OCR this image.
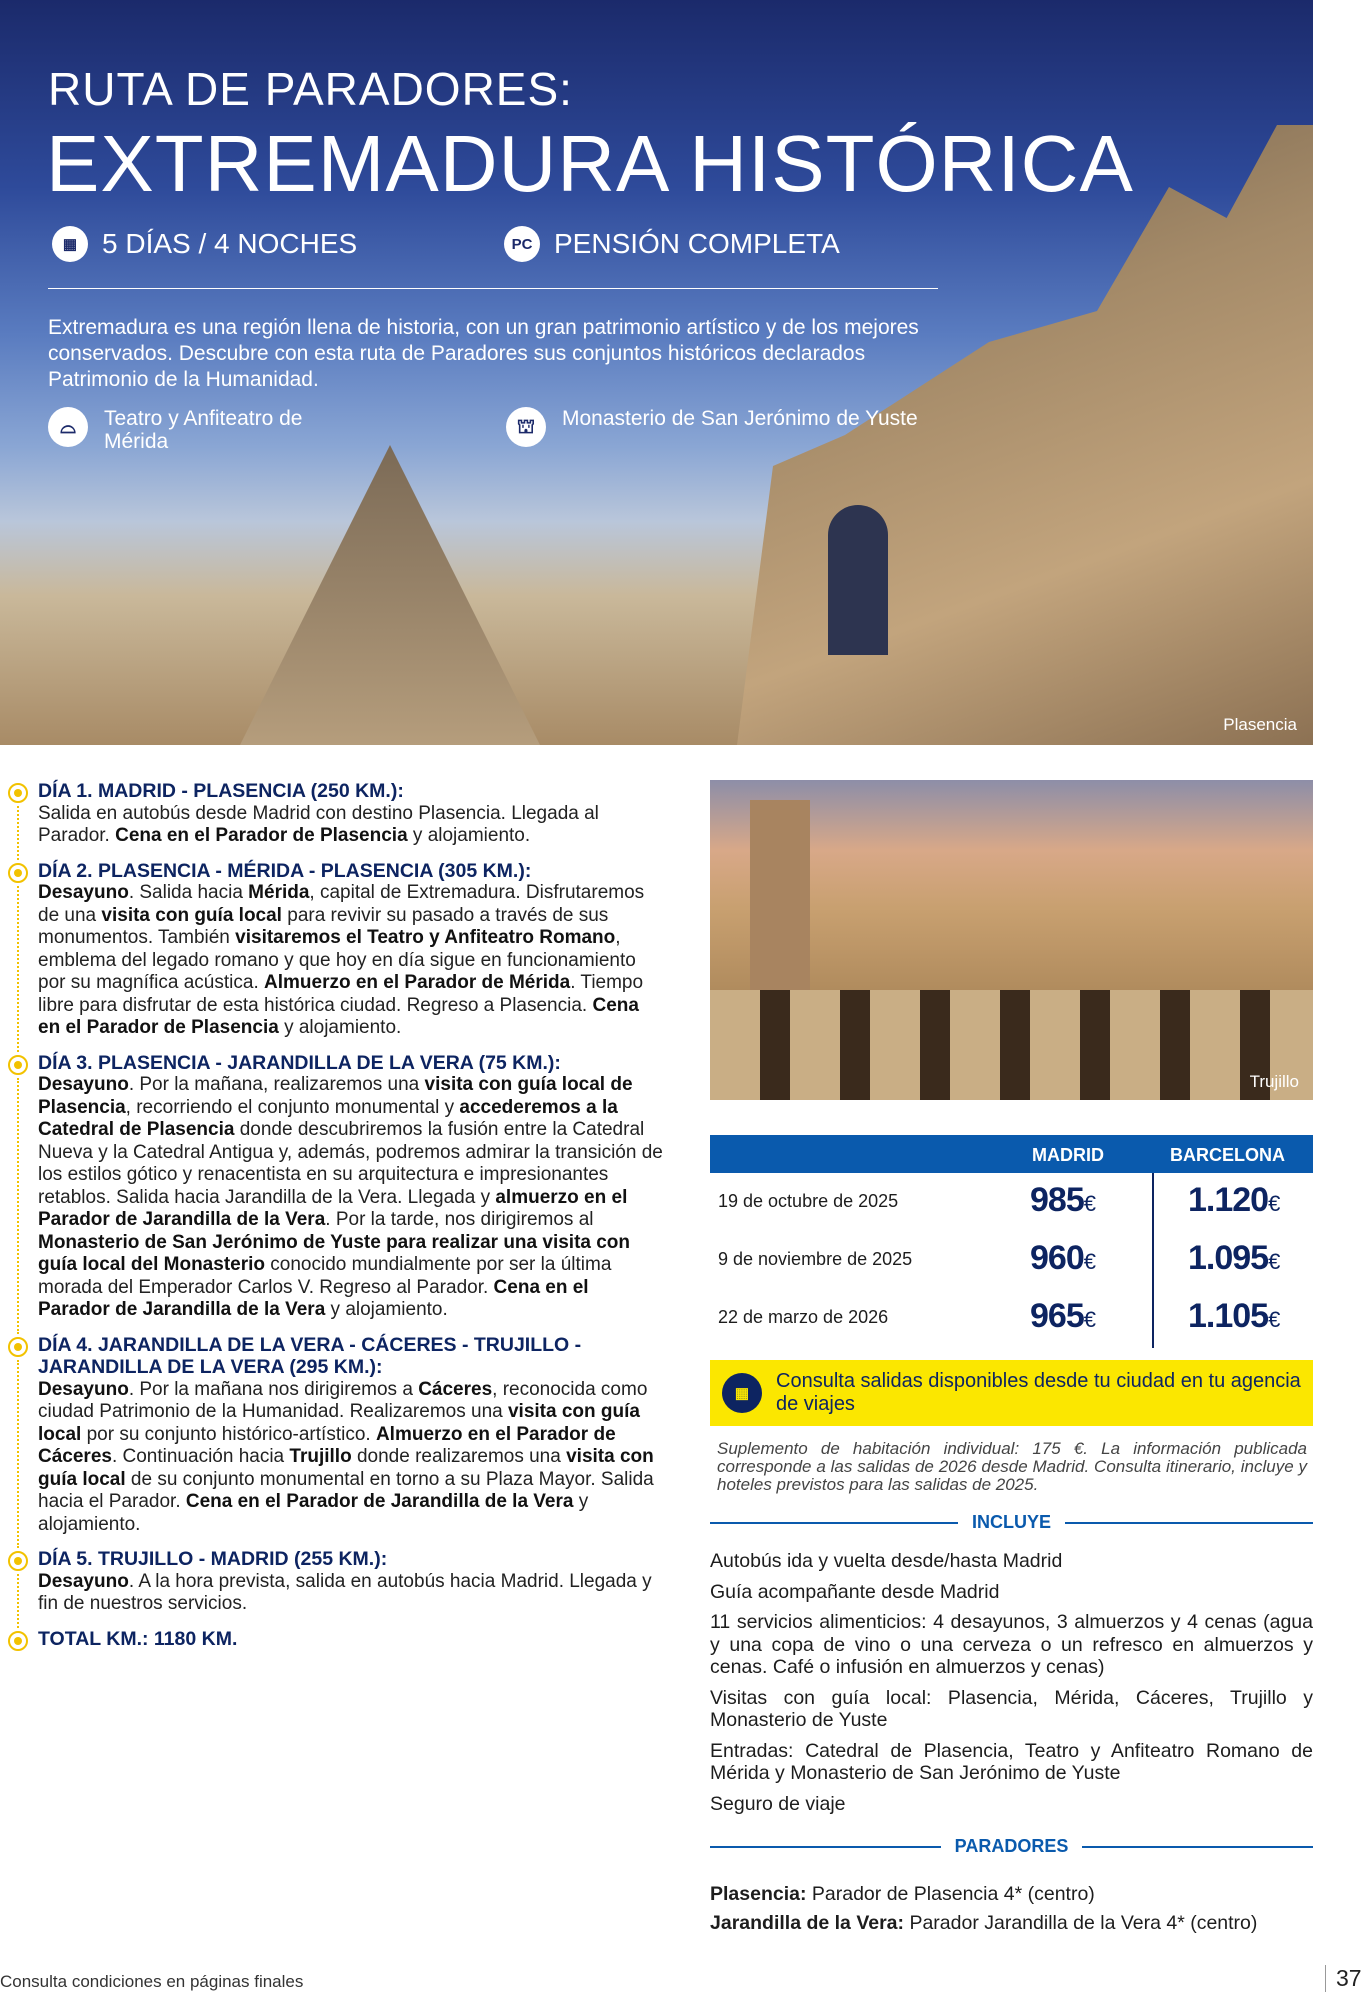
RUTA DE PARADORES:
EXTREMADURA HISTÓRICA
▦ 5 DÍAS / 4 NOCHES	PC PENSIÓN COMPLETA
Extremadura es una región llena de historia, con un gran patrimonio artístico y de los mejores conservados. Descubre con esta ruta de Paradores sus conjuntos históricos declarados Patrimonio de la Humanidad.
⌓	Teatro y Anfiteatro de Mérida
⛫	Monasterio de San Jerónimo de Yuste
Plasencia
DÍA 1. MADRID - PLASENCIA (250 KM.):
Salida en autobús desde Madrid con destino Plasencia. Llegada al Parador. Cena en el Parador de Plasencia y alojamiento.
DÍA 2. PLASENCIA - MÉRIDA - PLASENCIA (305 KM.):
Desayuno. Salida hacia Mérida, capital de Extremadura. Disfrutaremos de una visita con guía local para revivir su pasado a través de sus monumentos. También visitaremos el Teatro y Anfiteatro Romano, emblema del legado romano y que hoy en día sigue en funcionamiento por su magnífica acústica. Almuerzo en el Parador de Mérida. Tiempo libre para disfrutar de esta histórica ciudad. Regreso a Plasencia. Cena en el Parador de Plasencia y alojamiento.
DÍA 3. PLASENCIA - JARANDILLA DE LA VERA (75 KM.):
Desayuno. Por la mañana, realizaremos una visita con guía local de Plasencia, recorriendo el conjunto monumental y accederemos a la Catedral de Plasencia donde descubriremos la fusión entre la Catedral Nueva y la Catedral Antigua y, además, podremos admirar la transición de los estilos gótico y renacentista en su arquitectura e impresionantes retablos. Salida hacia Jarandilla de la Vera. Llegada y almuerzo en el Parador de Jarandilla de la Vera. Por la tarde, nos dirigiremos al Monasterio de San Jerónimo de Yuste para realizar una visita con guía local del Monasterio conocido mundialmente por ser la última morada del Emperador Carlos V. Regreso al Parador. Cena en el Parador de Jarandilla de la Vera y alojamiento.
DÍA 4. JARANDILLA DE LA VERA - CÁCERES - TRUJILLO - JARANDILLA DE LA VERA (295 KM.):
Desayuno. Por la mañana nos dirigiremos a Cáceres, reconocida como ciudad Patrimonio de la Humanidad. Realizaremos una visita con guía local por su conjunto histórico-artístico. Almuerzo en el Parador de Cáceres. Continuación hacia Trujillo donde realizaremos una visita con guía local de su conjunto monumental en torno a su Plaza Mayor. Salida hacia el Parador. Cena en el Parador de Jarandilla de la Vera y alojamiento.
DÍA 5. TRUJILLO - MADRID (255 KM.):
Desayuno. A la hora prevista, salida en autobús hacia Madrid. Llegada y fin de nuestros servicios.
TOTAL KM.: 1180 KM.
Trujillo
MADRID	BARCELONA
19 de octubre de 2025	985€	1.120€
9 de noviembre de 2025	960€	1.095€
22 de marzo de 2026	965€	1.105€
▦
Consulta salidas disponibles desde tu ciudad en tu agencia de viajes
Suplemento de habitación individual: 175 €. La información publicada corresponde a las salidas de 2026 desde Madrid. Consulta itinerario, incluye y hoteles previstos para las salidas de 2025.
INCLUYE
Autobús ida y vuelta desde/hasta Madrid
Guía acompañante desde Madrid
11 servicios alimenticios: 4 desayunos, 3 almuerzos y 4 cenas (agua y una copa de vino o una cerveza o un refresco en almuerzos y cenas. Café o infusión en almuerzos y cenas)
Visitas con guía local: Plasencia, Mérida, Cáceres, Trujillo y Monasterio de Yuste
Entradas: Catedral de Plasencia, Teatro y Anfiteatro Romano de Mérida y Monasterio de San Jerónimo de Yuste
Seguro de viaje
PARADORES
Plasencia: Parador de Plasencia 4* (centro)
Jarandilla de la Vera: Parador Jarandilla de la Vera 4* (centro)
Consulta condiciones en páginas finales	37
